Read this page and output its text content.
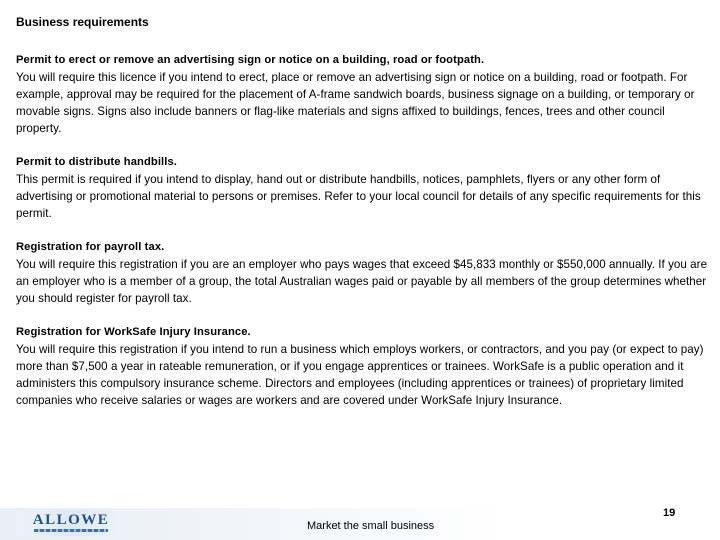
Business requirements
Permit to erect or remove an advertising sign or notice on a building, road or footpath.
You will require this licence if you intend to erect, place or remove an advertising sign or notice on a building, road or footpath. For example, approval may be required for the placement of A-frame sandwich boards, business signage on a building, or temporary or movable signs. Signs also include banners or flag-like materials and signs affixed to buildings, fences, trees and other council property.
Permit to distribute handbills.
This permit is required if you intend to display, hand out or distribute handbills, notices, pamphlets, flyers or any other form of advertising or promotional material to persons or premises. Refer to your local council for details of any specific requirements for this permit.
Registration for payroll tax.
You will require this registration if you are an employer who pays wages that exceed $45,833 monthly or $550,000 annually. If you are an employer who is a member of a group, the total Australian wages paid or payable by all members of the group determines whether you should register for payroll tax.
Registration for WorkSafe Injury Insurance.
You will require this registration if you intend to run a business which employs workers, or contractors, and you pay (or expect to pay) more than $7,500 a year in rateable remuneration, or if you engage apprentices or trainees. WorkSafe is a public operation and it administers this compulsory insurance scheme. Directors and employees (including apprentices or trainees) of proprietary limited companies who receive salaries or wages are workers and are covered under WorkSafe Injury Insurance.
ALLOWE	Market the small business
19
